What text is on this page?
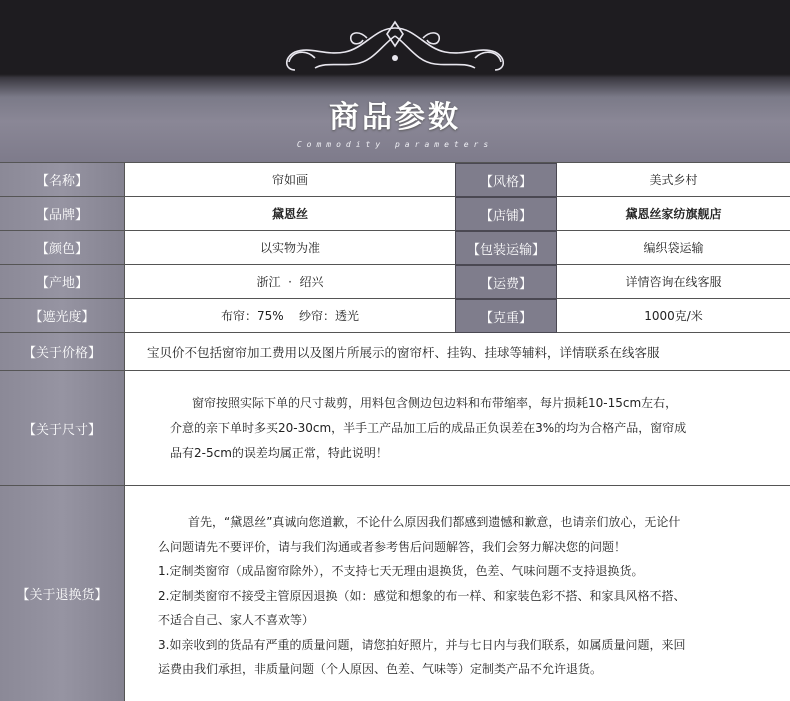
商品参数
Commodity parameters
【名称】	帘如画	【风格】	美式乡村
【品牌】	黛恩丝	【店铺】	黛恩丝家纺旗舰店
【颜色】	以实物为准	【包装运输】	编织袋运输
【产地】	浙江  ·  绍兴	【运费】	详情咨询在线客服
【遮光度】	布帘：75%    纱帘：透光	【克重】	1000克/米
【关于价格】	宝贝价不包括窗帘加工费用以及图片所展示的窗帘杆、挂钩、挂球等辅料，详情联系在线客服
【关于尺寸】
窗帘按照实际下单的尺寸裁剪，用料包含侧边包边料和布带缩率，每片损耗10-15cm左右，
介意的亲下单时多买20-30cm，半手工产品加工后的成品正负误差在3%的均为合格产品，窗帘成
品有2-5cm的误差均属正常，特此说明！
【关于退换货】
首先，“黛恩丝”真诚向您道歉，不论什么原因我们都感到遗憾和歉意，也请亲们放心，无论什
么问题请先不要评价，请与我们沟通或者参考售后问题解答，我们会努力解决您的问题！
1.定制类窗帘（成品窗帘除外），不支持七天无理由退换货，色差、气味问题不支持退换货。
2.定制类窗帘不接受主管原因退换（如：感觉和想象的布一样、和家装色彩不搭、和家具风格不搭、
不适合自己、家人不喜欢等）
3.如亲收到的货品有严重的质量问题，请您拍好照片，并与七日内与我们联系，如属质量问题，来回
运费由我们承担，非质量问题（个人原因、色差、气味等）定制类产品不允许退货。
